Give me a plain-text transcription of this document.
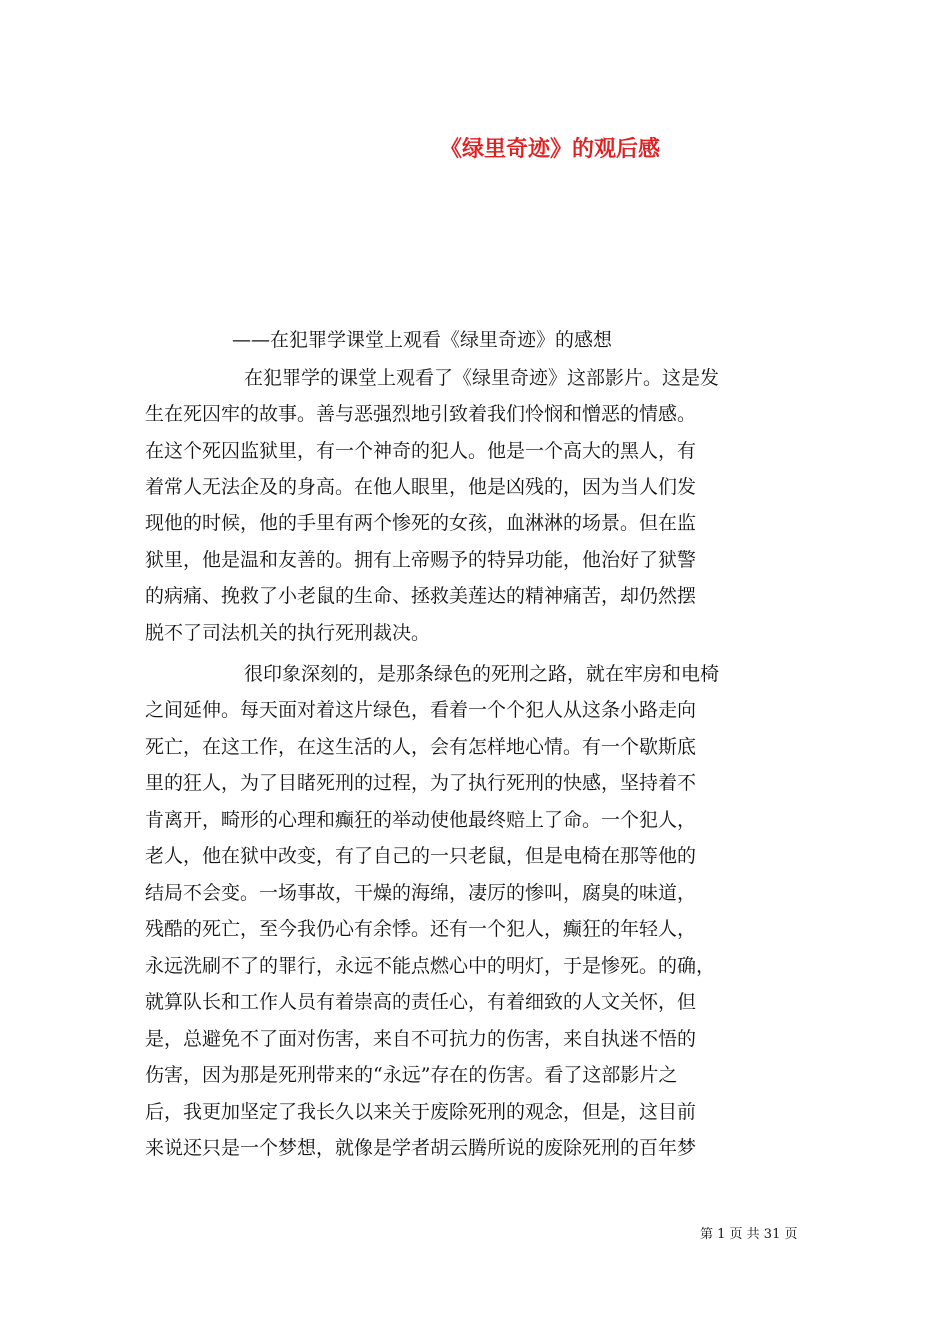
《绿里奇迹》的观后感

——在犯罪学课堂上观看《绿里奇迹》的感想

在犯罪学的课堂上观看了《绿里奇迹》这部影片。这是发

生在死囚牢的故事。善与恶强烈地引致着我们怜悯和憎恶的情感。

在这个死囚监狱里，有一个神奇的犯人。他是一个高大的黑人，有

着常人无法企及的身高。在他人眼里，他是凶残的，因为当人们发

现他的时候，他的手里有两个惨死的女孩，血淋淋的场景。但在监

狱里，他是温和友善的。拥有上帝赐予的特异功能，他治好了狱警

的病痛、挽救了小老鼠的生命、拯救美莲达的精神痛苦，却仍然摆

脱不了司法机关的执行死刑裁决。

很印象深刻的，是那条绿色的死刑之路，就在牢房和电椅

之间延伸。每天面对着这片绿色，看着一个个犯人从这条小路走向

死亡，在这工作，在这生活的人，会有怎样地心情。有一个歇斯底

里的狂人，为了目睹死刑的过程，为了执行死刑的快感，坚持着不

肯离开，畸形的心理和癫狂的举动使他最终赔上了命。一个犯人，

老人，他在狱中改变，有了自己的一只老鼠，但是电椅在那等他的

结局不会变。一场事故，干燥的海绵，凄厉的惨叫，腐臭的味道，

残酷的死亡，至今我仍心有余悸。还有一个犯人，癫狂的年轻人，

永远洗刷不了的罪行，永远不能点燃心中的明灯，于是惨死。的确，

就算队长和工作人员有着崇高的责任心，有着细致的人文关怀，但

是，总避免不了面对伤害，来自不可抗力的伤害，来自执迷不悟的

伤害，因为那是死刑带来的“永远”存在的伤害。看了这部影片之

后，我更加坚定了我长久以来关于废除死刑的观念，但是，这目前

来说还只是一个梦想，就像是学者胡云腾所说的废除死刑的百年梦

第 1 页 共 31 页
